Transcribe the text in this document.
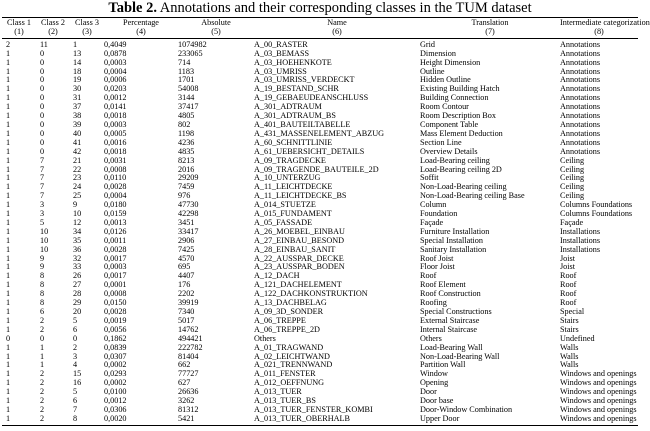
Table 2. Annotations and their corresponding classes in the TUM dataset

Class 1	Class 2	Class 3	Percentage	Absolute	Name	Translation	Intermediate categorization
(1)	(2)	(3)	(4)	(5)	(6)	(7)	(8)
2	11	1	0,4049	1074982	A_00_RASTER	Grid	Annotations
1	0	13	0,0878	233065	A_03_BEMASS	Dimension	Annotations
1	0	14	0,0003	714	A_03_HOEHENKOTE	Height Dimension	Annotations
1	0	18	0,0004	1183	A_03_UMRISS	Outline	Annotations
1	0	19	0,0006	1701	A_03_UMRISS_VERDECKT	Hidden Outline	Annotations
1	0	30	0,0203	54008	A_19_BESTAND_SCHR	Existing Building Hatch	Annotations
1	0	31	0,0012	3144	A_19_GEBAEUDEANSCHLUSS	Building Connection	Annotations
1	0	37	0,0141	37417	A_301_ADTRAUM	Room Contour	Annotations
1	0	38	0,0018	4805	A_301_ADTRAUM_BS	Room Description Box	Annotations
1	0	39	0,0003	802	A_401_BAUTEILTABELLE	Component Table	Annotations
1	0	40	0,0005	1198	A_431_MASSENELEMENT_ABZUG	Mass Element Deduction	Annotations
1	0	41	0,0016	4236	A_60_SCHNITTLINIE	Section Line	Annotations
1	0	42	0,0018	4835	A_61_UEBERSICHT_DETAILS	Overview Details	Annotations
1	7	21	0,0031	8213	A_09_TRAGDECKE	Load-Bearing ceiling	Ceiling
1	7	22	0,0008	2016	A_09_TRAGENDE_BAUTEILE_2D	Load-Bearing ceiling 2D	Ceiling
1	7	23	0,0110	29209	A_10_UNTERZUG	Soffit	Ceiling
1	7	24	0,0028	7459	A_11_LEICHTDECKE	Non-Load-Bearing ceiling	Ceiling
1	7	25	0,0004	976	A_11_LEICHTDECKE_BS	Non-Load-Bearing ceiling Base	Ceiling
1	3	9	0,0180	47730	A_014_STUETZE	Column	Columns Foundations
1	3	10	0,0159	42298	A_015_FUNDAMENT	Foundation	Columns Foundations
1	5	12	0,0013	3451	A_05_FASSADE	Façade	Façade
1	10	34	0,0126	33417	A_26_MOEBEL_EINBAU	Furniture Installation	Installations
1	10	35	0,0011	2906	A_27_EINBAU_BESOND	Special Installation	Installations
1	10	36	0,0028	7425	A_28_EINBAU_SANIT	Sanitary Installation	Installations
1	9	32	0,0017	4570	A_22_AUSSPAR_DECKE	Roof Joist	Joist
1	9	33	0,0003	695	A_23_AUSSPAR_BODEN	Floor Joist	Joist
1	8	26	0,0017	4407	A_12_DACH	Roof	Roof
1	8	27	0,0001	176	A_121_DACHELEMENT	Roof Element	Roof
1	8	28	0,0008	2202	A_122_DACHKONSTRUKTION	Roof Construction	Roof
1	8	29	0,0150	39919	A_13_DACHBELAG	Roofing	Roof
1	6	20	0,0028	7340	A_09_3D_SONDER	Special Constructions	Special
1	2	5	0,0019	5017	A_06_TREPPE	External Staircase	Stairs
1	2	6	0,0056	14762	A_06_TREPPE_2D	Internal Staircase	Stairs
0	0	0	0,1862	494421	Others	Others	Undefined
1	1	2	0,0839	222782	A_01_TRAGWAND	Load-Bearing Wall	Walls
1	1	3	0,0307	81404	A_02_LEICHTWAND	Non-Load-Bearing Wall	Walls
1	1	4	0,0002	662	A_021_TRENNWAND	Partition Wall	Walls
1	2	15	0,0293	77727	A_011_FENSTER	Window	Windows and openings
1	2	16	0,0002	627	A_012_OEFFNUNG	Opening	Windows and openings
1	2	5	0,0100	26636	A_013_TUER	Door	Windows and openings
1	2	6	0,0012	3262	A_013_TUER_BS	Door base	Windows and openings
1	2	7	0,0306	81312	A_013_TUER_FENSTER_KOMBI	Door-Window Combination	Windows and openings
1	2	8	0,0020	5421	A_013_TUER_OBERHALB	Upper Door	Windows and openings
